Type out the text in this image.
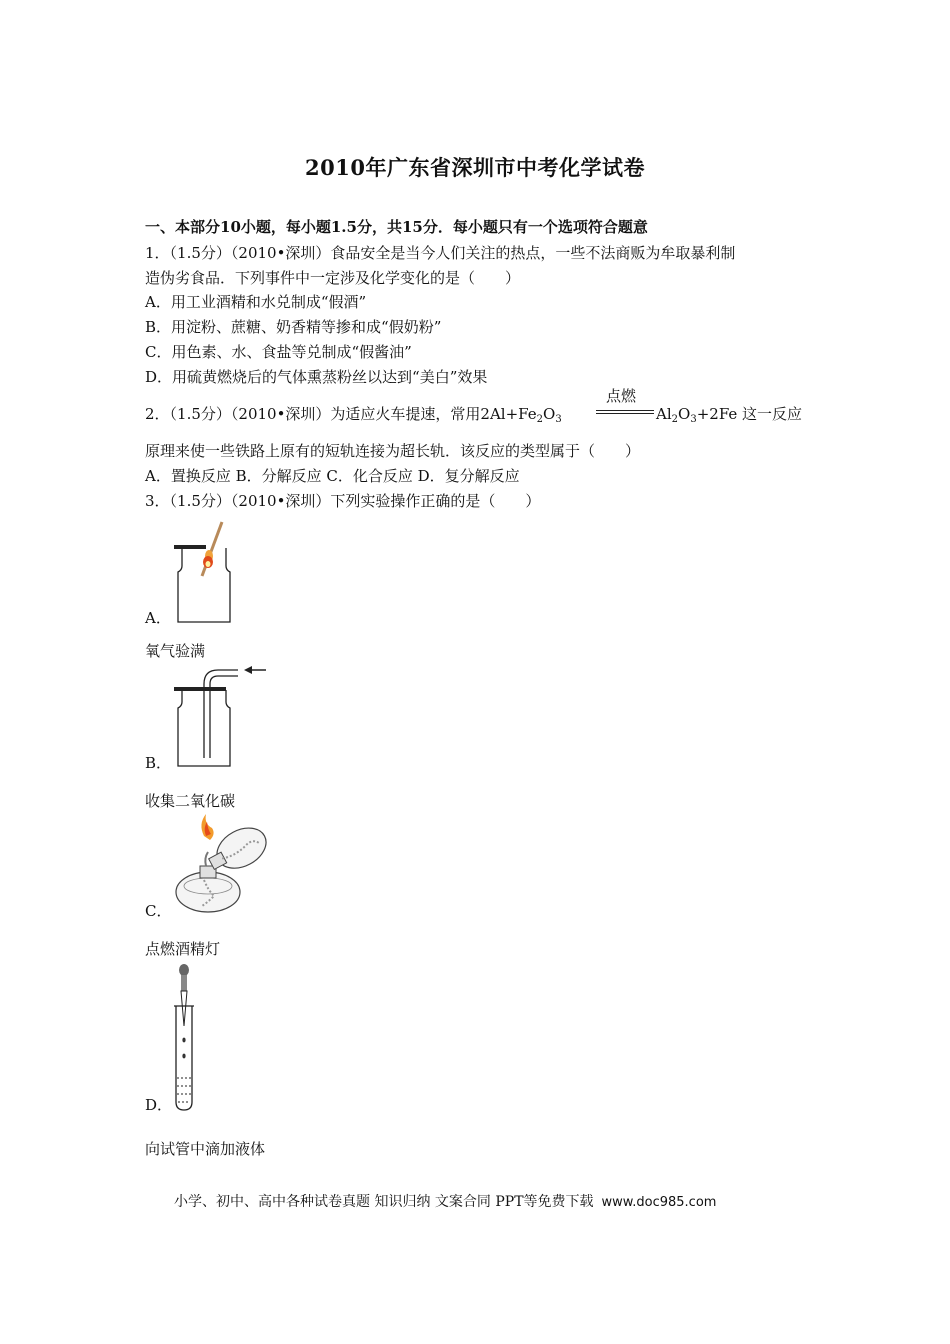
2010年广东省深圳市中考化学试卷
一、本部分10小题，每小题1.5分，共15分．每小题只有一个选项符合题意
1．（1.5分）（2010•深圳）食品安全是当今人们关注的热点，一些不法商贩为牟取暴利制
造伪劣食品．下列事件中一定涉及化学变化的是（　　）
A．用工业酒精和水兑制成“假酒”
B．用淀粉、蔗糖、奶香精等掺和成“假奶粉”
C．用色素、水、食盐等兑制成“假酱油”
D．用硫黄燃烧后的气体熏蒸粉丝以达到“美白”效果
2．（1.5分）（2010•深圳）为适应火车提速，常用$2Al+Fe_2O_3$
点燃
$Al_2O_3+2Fe$ 这一反应
原理来使一些铁路上原有的短轨连接为超长轨．该反应的类型属于（　　）
A．置换反应 B．分解反应 C．化合反应 D．复分解反应
3．（1.5分）（2010•深圳）下列实验操作正确的是（　　）
A．
氧气验满
B．
收集二氧化碳
C．
点燃酒精灯
D．
向试管中滴加液体
小学、初中、高中各种试卷真题 知识归纳 文案合同 PPT等免费下载 www.doc985.com
